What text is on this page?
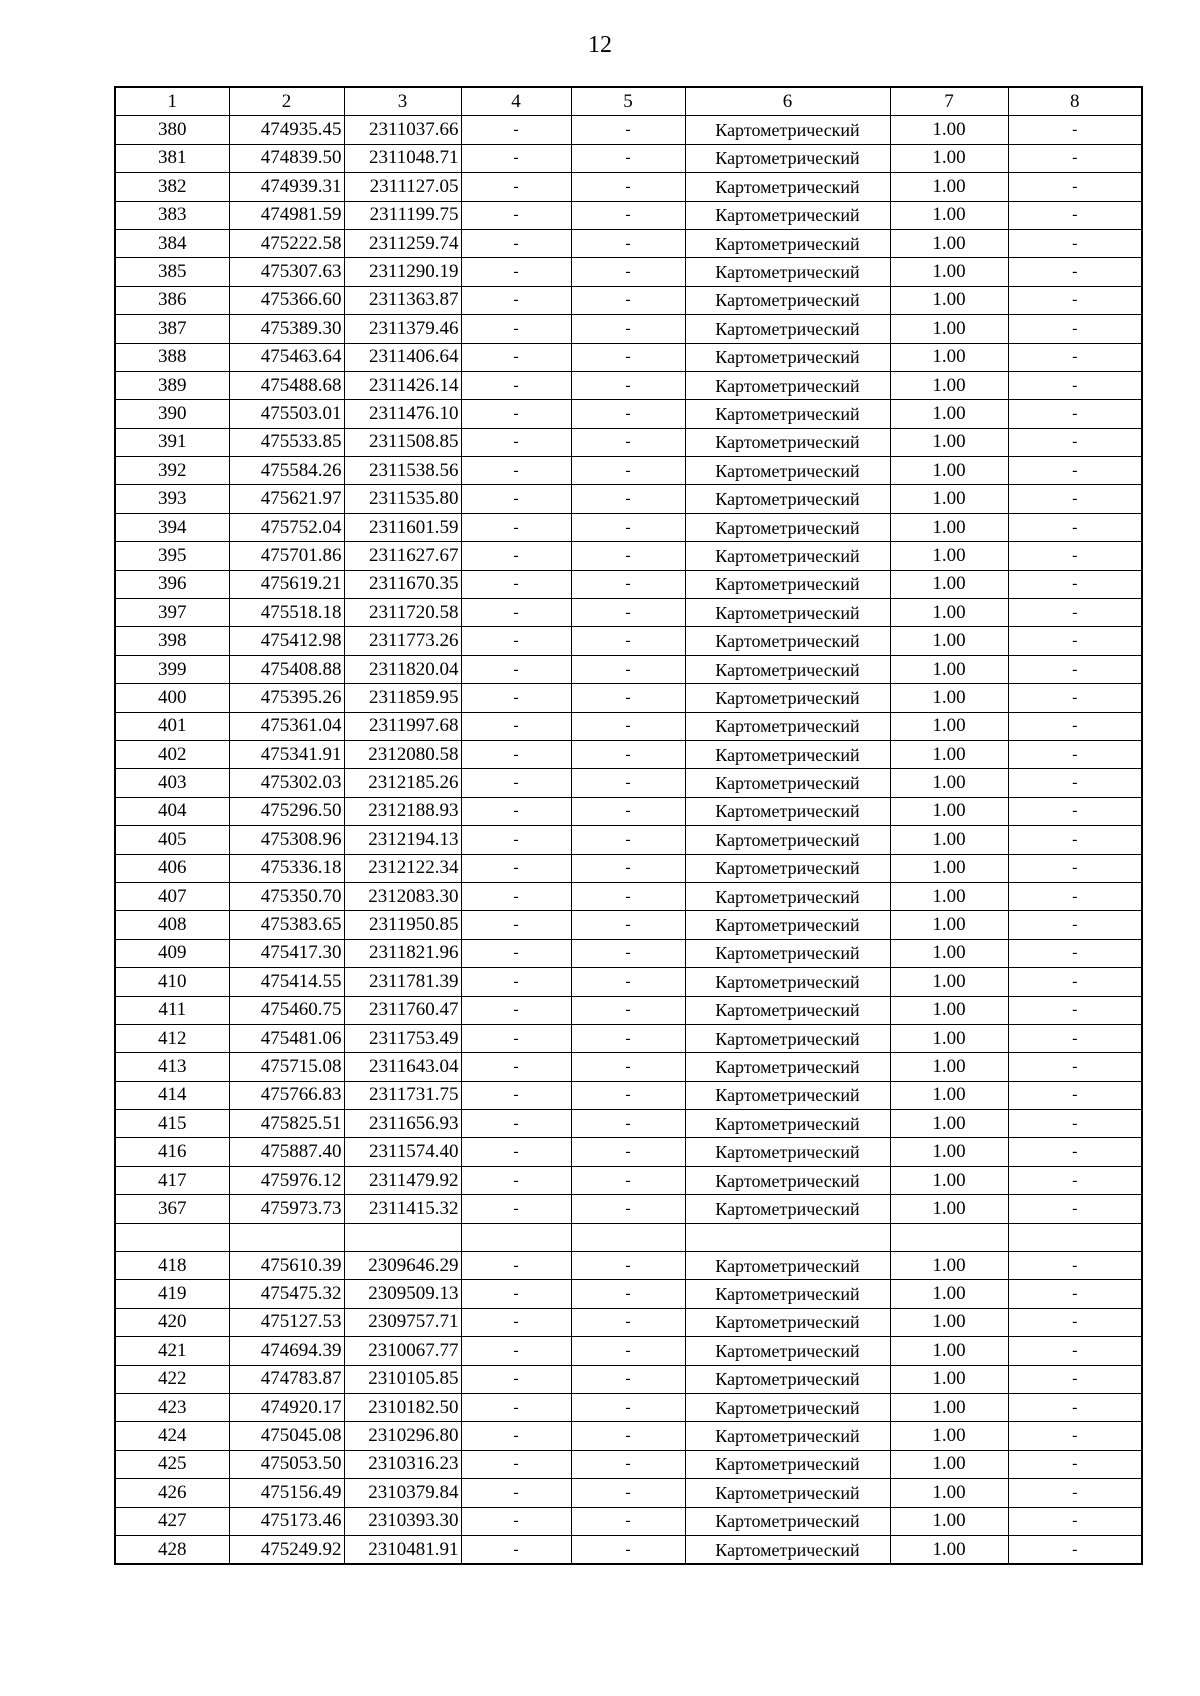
12
1	2	3	4	5	6	7	8
380	474935.45	2311037.66	-	-	Картометрический	1.00	-
381	474839.50	2311048.71	-	-	Картометрический	1.00	-
382	474939.31	2311127.05	-	-	Картометрический	1.00	-
383	474981.59	2311199.75	-	-	Картометрический	1.00	-
384	475222.58	2311259.74	-	-	Картометрический	1.00	-
385	475307.63	2311290.19	-	-	Картометрический	1.00	-
386	475366.60	2311363.87	-	-	Картометрический	1.00	-
387	475389.30	2311379.46	-	-	Картометрический	1.00	-
388	475463.64	2311406.64	-	-	Картометрический	1.00	-
389	475488.68	2311426.14	-	-	Картометрический	1.00	-
390	475503.01	2311476.10	-	-	Картометрический	1.00	-
391	475533.85	2311508.85	-	-	Картометрический	1.00	-
392	475584.26	2311538.56	-	-	Картометрический	1.00	-
393	475621.97	2311535.80	-	-	Картометрический	1.00	-
394	475752.04	2311601.59	-	-	Картометрический	1.00	-
395	475701.86	2311627.67	-	-	Картометрический	1.00	-
396	475619.21	2311670.35	-	-	Картометрический	1.00	-
397	475518.18	2311720.58	-	-	Картометрический	1.00	-
398	475412.98	2311773.26	-	-	Картометрический	1.00	-
399	475408.88	2311820.04	-	-	Картометрический	1.00	-
400	475395.26	2311859.95	-	-	Картометрический	1.00	-
401	475361.04	2311997.68	-	-	Картометрический	1.00	-
402	475341.91	2312080.58	-	-	Картометрический	1.00	-
403	475302.03	2312185.26	-	-	Картометрический	1.00	-
404	475296.50	2312188.93	-	-	Картометрический	1.00	-
405	475308.96	2312194.13	-	-	Картометрический	1.00	-
406	475336.18	2312122.34	-	-	Картометрический	1.00	-
407	475350.70	2312083.30	-	-	Картометрический	1.00	-
408	475383.65	2311950.85	-	-	Картометрический	1.00	-
409	475417.30	2311821.96	-	-	Картометрический	1.00	-
410	475414.55	2311781.39	-	-	Картометрический	1.00	-
411	475460.75	2311760.47	-	-	Картометрический	1.00	-
412	475481.06	2311753.49	-	-	Картометрический	1.00	-
413	475715.08	2311643.04	-	-	Картометрический	1.00	-
414	475766.83	2311731.75	-	-	Картометрический	1.00	-
415	475825.51	2311656.93	-	-	Картометрический	1.00	-
416	475887.40	2311574.40	-	-	Картометрический	1.00	-
417	475976.12	2311479.92	-	-	Картометрический	1.00	-
367	475973.73	2311415.32	-	-	Картометрический	1.00	-

418	475610.39	2309646.29	-	-	Картометрический	1.00	-
419	475475.32	2309509.13	-	-	Картометрический	1.00	-
420	475127.53	2309757.71	-	-	Картометрический	1.00	-
421	474694.39	2310067.77	-	-	Картометрический	1.00	-
422	474783.87	2310105.85	-	-	Картометрический	1.00	-
423	474920.17	2310182.50	-	-	Картометрический	1.00	-
424	475045.08	2310296.80	-	-	Картометрический	1.00	-
425	475053.50	2310316.23	-	-	Картометрический	1.00	-
426	475156.49	2310379.84	-	-	Картометрический	1.00	-
427	475173.46	2310393.30	-	-	Картометрический	1.00	-
428	475249.92	2310481.91	-	-	Картометрический	1.00	-
